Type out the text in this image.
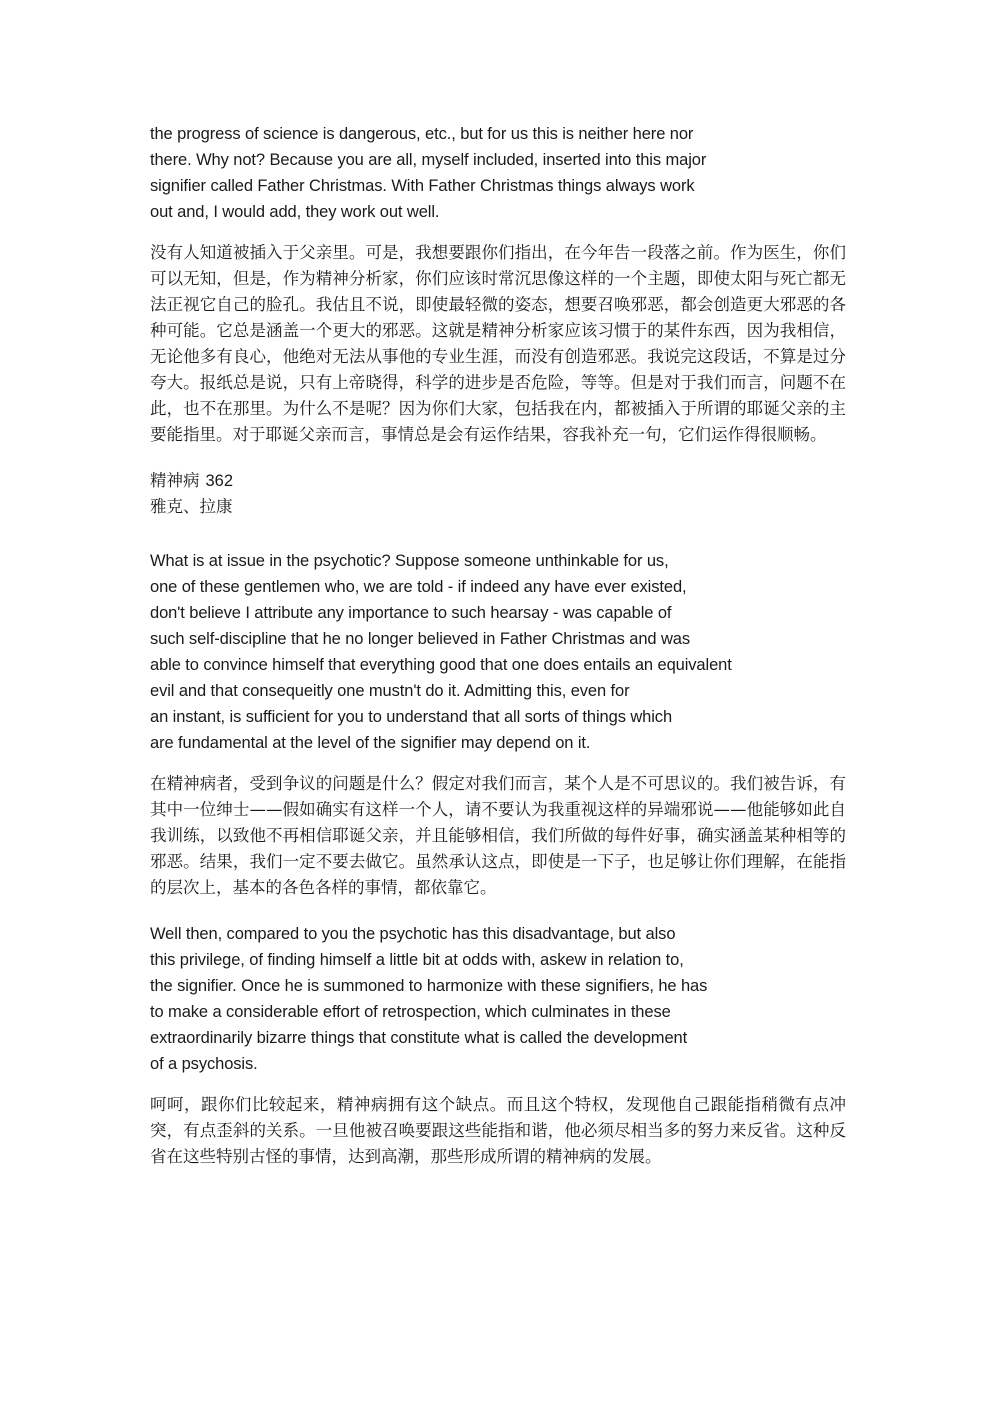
the progress of science is dangerous, etc., but for us this is neither here nor
there. Why not? Because you are all, myself included, inserted into this major
signifier called Father Christmas. With Father Christmas things always work
out and, I would add, they work out well.
没有人知道被插入于父亲里。可是，我想要跟你们指出，在今年告一段落之前。作为医生，你们可以无知，但是，作为精神分析家，你们应该时常沉思像这样的一个主题，即使太阳与死亡都无法正视它自己的脸孔。我估且不说，即使最轻微的姿态，想要召唤邪恶，都会创造更大邪恶的各种可能。它总是涵盖一个更大的邪恶。这就是精神分析家应该习惯于的某件东西，因为我相信，无论他多有良心，他绝对无法从事他的专业生涯，而没有创造邪恶。我说完这段话，不算是过分夸大。报纸总是说，只有上帝晓得，科学的进步是否危险，等等。但是对于我们而言，问题不在此，也不在那里。为什么不是呢？因为你们大家，包括我在内，都被插入于所谓的耶诞父亲的主要能指里。对于耶诞父亲而言，事情总是会有运作结果，容我补充一句，它们运作得很顺畅。
精神病 362
雅克、拉康
What is at issue in the psychotic? Suppose someone unthinkable for us,
one of these gentlemen who, we are told - if indeed any have ever existed,
don't believe I attribute any importance to such hearsay - was capable of
such self-discipline that he no longer believed in Father Christmas and was
able to convince himself that everything good that one does entails an equivalent
evil and that consequeitly one mustn't do it. Admitting this, even for
an instant, is sufficient for you to understand that all sorts of things which
are fundamental at the level of the signifier may depend on it.
在精神病者，受到争议的问题是什么？假定对我们而言，某个人是不可思议的。我们被告诉，有其中一位绅士——假如确实有这样一个人，请不要认为我重视这样的异端邪说——他能够如此自我训练，以致他不再相信耶诞父亲，并且能够相信，我们所做的每件好事，确实涵盖某种相等的邪恶。结果，我们一定不要去做它。虽然承认这点，即使是一下子，也足够让你们理解，在能指的层次上，基本的各色各样的事情，都依靠它。
Well then, compared to you the psychotic has this disadvantage, but also
this privilege, of finding himself a little bit at odds with, askew in relation to,
the signifier. Once he is summoned to harmonize with these signifiers, he has
to make a considerable effort of retrospection, which culminates in these
extraordinarily bizarre things that constitute what is called the development
of a psychosis.
呵呵，跟你们比较起来，精神病拥有这个缺点。而且这个特权，发现他自己跟能指稍微有点冲突，有点歪斜的关系。一旦他被召唤要跟这些能指和谐，他必须尽相当多的努力来反省。这种反省在这些特别古怪的事情，达到高潮，那些形成所谓的精神病的发展。
